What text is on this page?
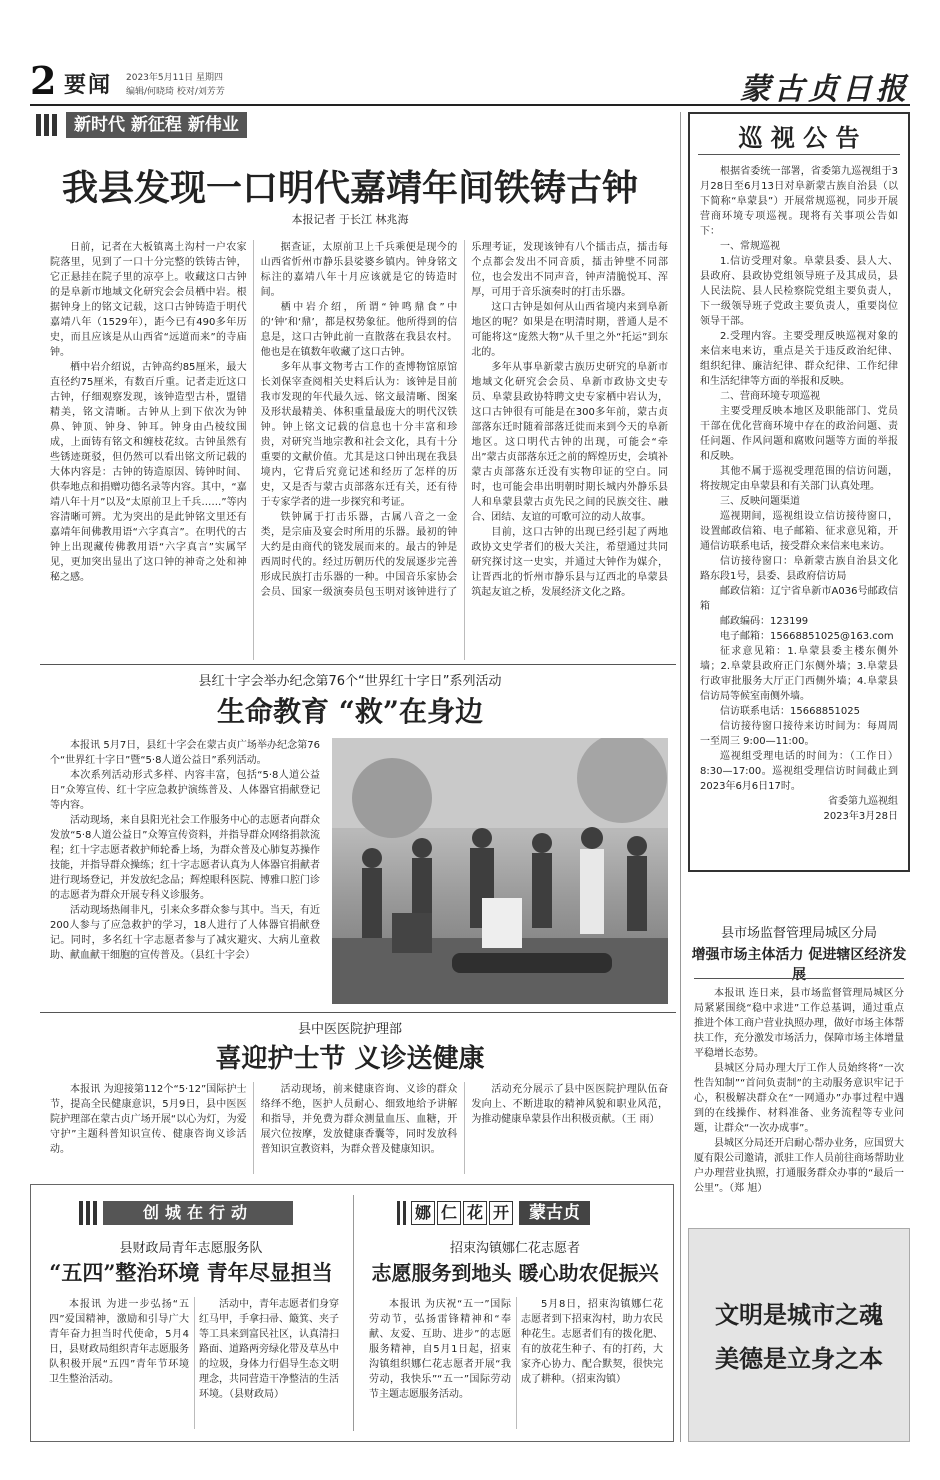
2 要闻 2023年5月11日 星期四
编辑/何晓琦 校对/刘芳芳	蒙古贞日报
新时代 新征程 新伟业
我县发现一口明代嘉靖年间铁铸古钟
本报记者 于长江 林兆海

日前，记者在大板镇离土沟村一户农家院落里，见到了一口十分完整的铁铸古钟，它正悬挂在院子里的凉亭上。收藏这口古钟的是阜新市地域文化研究会会员栖中岩。根据钟身上的铭文记载，这口古钟铸造于明代嘉靖八年（1529年），距今已有490多年历史，而且应该是从山西省“远道而来”的寺庙钟。

栖中岩介绍说，古钟高约85厘米，最大直径约75厘米，有数百斤重。记者走近这口古钟，仔细观察发现，该钟造型古朴，盟错精美，铭文清晰。古钟从上到下依次为钟鼻、钟顶、钟身、钟耳。钟身由凸棱纹围成，上面铸有铭文和缠枝花纹。古钟虽然有些锈迹斑驳，但仍然可以看出铭文所记载的大体内容是：古钟的铸造原因、铸钟时间、供奉地点和捐赠功德名录等内容。其中，“嘉靖八年十月”以及“太原前卫上千兵……”等内容清晰可辨。尤为突出的是此钟铭文里还有嘉靖年间佛教用语“六字真言”。在明代的古钟上出现藏传佛教用语“六字真言”实属罕见，更加突出显出了这口钟的神奇之处和神秘之感。

据查证，太原前卫上千兵乘便是现今的山西省忻州市静乐县娑婆乡镇内。钟身铭文标注的嘉靖八年十月应该就是它的铸造时间。

栖中岩介绍，所谓“钟鸣鼎食”中的‘钟’和‘鼎’，都是权势象征。他所得到的信息是，这口古钟此前一直散落在我县农村。他也是在镇数年收藏了这口古钟。

多年从事文物考古工作的查博物馆原馆长刘保宰查阅相关史料后认为：该钟是目前我市发现的年代最久远、铭文最清晰、图案及形状最精美、体积重量最庞大的明代汉铁钟。钟上铭文记载的信息也十分丰富和珍贵，对研究当地宗教和社会文化，具有十分重要的文献价值。尤其是这口钟出现在我县境内，它背后究竟记述和经历了怎样的历史，又是否与蒙古贞部落东迁有关，还有待于专家学者的进一步探究和考证。

铁钟属于打击乐器，古属八音之一金类，是宗庙及宴会时所用的乐器。最初的钟大约是由商代的铙发展而来的。最古的钟是西周时代的。经过历朝历代的发展逐步完善形成民族打击乐器的一种。中国音乐家协会会员、国家一级演奏员包玉明对该钟进行了乐理考证，发现该钟有八个擂击点，擂击每个点都会发出不同音质，擂击钟壁不同部位，也会发出不同声音，钟声清脆悦耳、浑厚，可用于音乐演奏时的打击乐器。

这口古钟是如何从山西省境内来到阜新地区的呢？如果是在明清时期，普通人是不可能将这“庞然大物”从千里之外“托运”到东北的。

多年从事阜新蒙古族历史研究的阜新市地域文化研究会会员、阜新市政协文史专员、阜蒙县政协特聘文史专家栖中岩认为，这口古钟很有可能是在300多年前，蒙古贞部落东迁时随着部落迁徙而来到今天的阜新地区。这口明代古钟的出现，可能会“牵出”蒙古贞部落东迁之前的辉煌历史，会填补蒙古贞部落东迁没有实物印证的空白。同时，也可能会串出明朝时期长城内外静乐县人和阜蒙县蒙古贞先民之间的民族交往、融合、团结、友谊的可歌可泣的动人故事。

目前，这口古钟的出现已经引起了两地政协文史学者们的极大关注，希望通过共同研究探讨这一史实，并通过大钟作为媒介，让晋西北的忻州市静乐县与辽西北的阜蒙县筑起友谊之桥，发展经济文化之路。

巡 视 公 告

根据省委统一部署，省委第九巡视组于3月28日至6月13日对阜新蒙古族自治县（以下简称“阜蒙县”）开展常规巡视，同步开展营商环境专项巡视。现将有关事项公告如下：

一、常规巡视

1.信访受理对象。阜蒙县委、县人大、县政府、县政协党组领导班子及其成员，县人民法院、县人民检察院党组主要负责人，下一级领导班子党政主要负责人，重要岗位领导干部。

2.受理内容。主要受理反映巡视对象的来信来电来访，重点是关于违反政治纪律、组织纪律、廉洁纪律、群众纪律、工作纪律和生活纪律等方面的举报和反映。

二、营商环境专项巡视

主要受理反映本地区及职能部门、党员干部在优化营商环境中存在的政治问题、责任问题、作风问题和腐败问题等方面的举报和反映。

其他不属于巡视受理范围的信访问题，将按规定由阜蒙县和有关部门认真处理。

三、反映问题渠道

巡视期间，巡视组设立信访接待窗口，设置邮政信箱、电子邮箱、征求意见箱，开通信访联系电话，接受群众来信来电来访。

信访接待窗口：阜新蒙古族自治县文化路东段1号，县委、县政府信访局

邮政信箱：辽宁省阜新市A036号邮政信箱

邮政编码：123199

电子邮箱：15668851025@163.com

征求意见箱：1.阜蒙县委主楼东侧外墙；2.阜蒙县政府正门东侧外墙；3.阜蒙县行政审批服务大厅正门西侧外墙；4.阜蒙县信访局等候室南侧外墙。

信访联系电话：15668851025

信访接待窗口接待来访时间为：每周周一至周三 9:00—11:00。

巡视组受理电话的时间为：（工作日）8:30—17:00。巡视组受理信访时间截止到2023年6月6日17时。

省委第九巡视组
2023年3月28日
县红十字会举办纪念第76个“世界红十字日”系列活动
生命教育 “救”在身边

本报讯 5月7日，县红十字会在蒙古贞广场举办纪念第76个“世界红十字日”暨“5·8人道公益日”系列活动。

本次系列活动形式多样、内容丰富，包括“5·8人道公益日”众筹宣传、红十字应急救护演练普及、人体器官捐献登记等内容。

活动现场，来自县阳光社会工作服务中心的志愿者向群众发放“5·8人道公益日”众筹宣传资料，并指导群众网络捐款流程；红十字志愿者救护师轮番上场，为群众普及心肺复苏操作技能，并指导群众操练；红十字志愿者认真为人体器官捐献者进行现场登记，并发放纪念品；辉煌眼科医院、博雅口腔门诊的志愿者为群众开展专科义诊服务。

活动现场热闹非凡，引来众多群众参与其中。当天，有近200人参与了应急救护的学习，18人进行了人体器官捐献登记。同时，多名红十字志愿者参与了减灾避灾、大病儿童救助、献血献干细胞的宣传普及。（县红十字会）

县中医医院护理部
喜迎护士节 义诊送健康

本报讯 为迎接第112个“5·12”国际护士节，提高全民健康意识，5月9日，县中医医院护理部在蒙古贞广场开展“以心为灯，为爱守护”主题科普知识宣传、健康咨询义诊活动。

活动现场，前来健康咨询、义诊的群众络绎不绝，医护人员耐心、细致地给予讲解和指导，并免费为群众测量血压、血糖，开展穴位按摩，发放健康香囊等，同时发放科普知识宣教资料，为群众普及健康知识。

活动充分展示了县中医医院护理队伍奋发向上、不断进取的精神风貌和职业风范，为推动健康阜蒙县作出积极贡献。（王 雨）

县市场监督管理局城区分局
增强市场主体活力 促进辖区经济发展

本报讯 连日来，县市场监督管理局城区分局紧紧围绕“稳中求进”工作总基调，通过重点推进个体工商户营业执照办理，做好市场主体帮扶工作，充分激发市场活力，保障市场主体增量平稳增长态势。

县城区分局办理大厅工作人员始终将“一次性告知制”“首问负责制”的主动服务意识牢记于心，积极解决群众在“一网通办”办事过程中遇到的在线操作、材料准备、业务流程等专业问题，让群众“一次办成事”。

县城区分局还开启耐心帮办业务，应国贸大厦有限公司邀请，派驻工作人员前往商场帮助业户办理营业执照，打通服务群众办事的“最后一公里”。（郑 旭）

创城在行动
县财政局青年志愿服务队
“五四”整治环境 青年尽显担当

本报讯 为进一步弘扬“五四”爱国精神，激励和引导广大青年奋力担当时代使命，5月4日，县财政局组织青年志愿服务队积极开展“五四”青年节环境卫生整治活动。

活动中，青年志愿者们身穿红马甲，手拿扫帚、簸箕、夹子等工具来到富民社区，认真清扫路面、道路两旁绿化带及草丛中的垃圾，身体力行倡导生态文明理念，共同营造干净整洁的生活环境。（县财政局）

娜 仁 花 开	蒙古贞
招束沟镇娜仁花志愿者
志愿服务到地头 暖心助农促振兴

本报讯 为庆祝“五一”国际劳动节，弘扬雷锋精神和“奉献、友爱、互助、进步”的志愿服务精神，自5月1日起，招束沟镇组织娜仁花志愿者开展“我劳动，我快乐”“五一”国际劳动节主题志愿服务活动。

5月8日，招束沟镇娜仁花志愿者到下招束沟村，助力农民种花生。志愿者们有的拨化肥、有的放花生种子、有的打药，大家齐心协力、配合默契，很快完成了耕种。（招束沟镇）

文明是城市之魂
美德是立身之本
